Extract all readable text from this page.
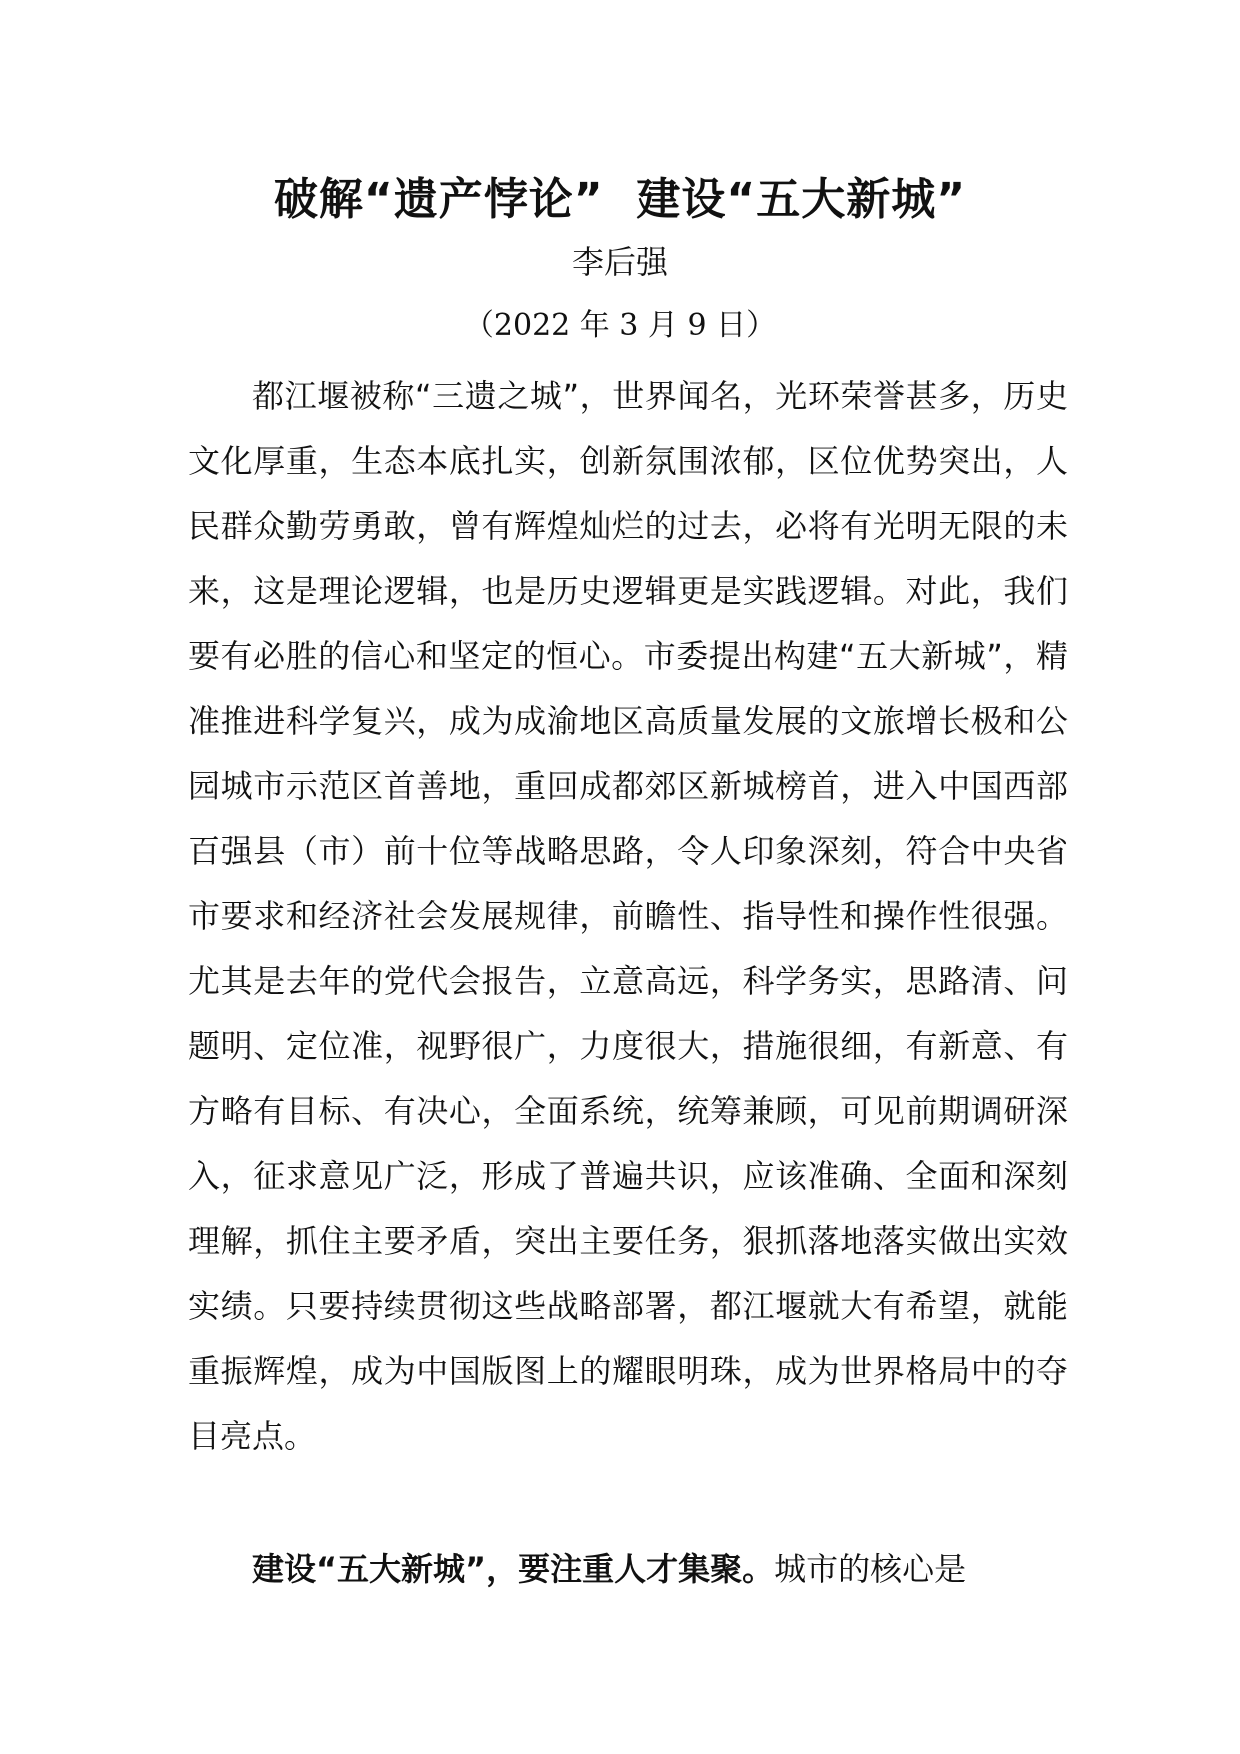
破解“遗产悖论”  建设“五大新城”
李后强
（2022 年 3 月 9 日）

都江堰被称“三遗之城”，世界闻名，光环荣誉甚多，历史文化厚重，生态本底扎实，创新氛围浓郁，区位优势突出，人民群众勤劳勇敢，曾有辉煌灿烂的过去，必将有光明无限的未来，这是理论逻辑，也是历史逻辑更是实践逻辑。对此，我们要有必胜的信心和坚定的恒心。市委提出构建“五大新城”，精准推进科学复兴，成为成渝地区高质量发展的文旅增长极和公园城市示范区首善地，重回成都郊区新城榜首，进入中国西部百强县（市）前十位等战略思路，令人印象深刻，符合中央省市要求和经济社会发展规律，前瞻性、指导性和操作性很强。尤其是去年的党代会报告，立意高远，科学务实，思路清、问题明、定位准，视野很广，力度很大，措施很细，有新意、有方略有目标、有决心，全面系统，统筹兼顾，可见前期调研深入，征求意见广泛，形成了普遍共识，应该准确、全面和深刻理解，抓住主要矛盾，突出主要任务，狠抓落地落实做出实效实绩。只要持续贯彻这些战略部署，都江堰就大有希望，就能重振辉煌，成为中国版图上的耀眼明珠，成为世界格局中的夺目亮点。

建设“五大新城”，要注重人才集聚。城市的核心是
